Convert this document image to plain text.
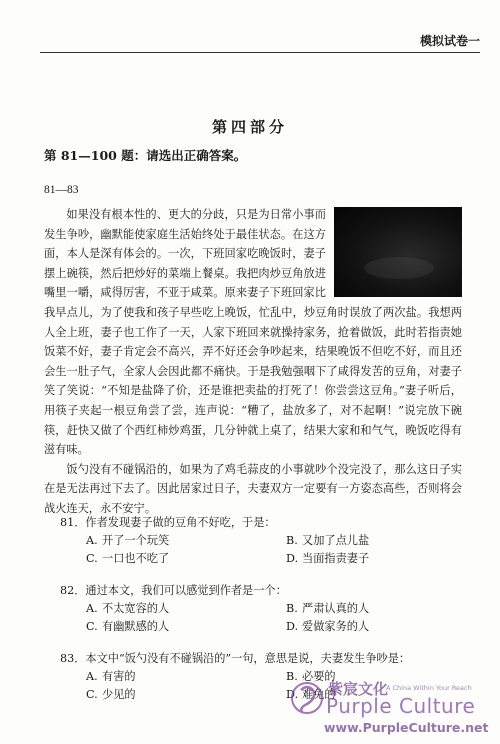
模拟试卷一
第四部分
第 81—100 题：请选出正确答案。
81—83

如果没有根本性的、更大的分歧，只是为日常小事而发生争吵，幽默能使家庭生活始终处于最佳状态。在这方面，本人是深有体会的。一次，下班回家吃晚饭时，妻子摆上碗筷，然后把炒好的菜端上餐桌。我把肉炒豆角放进嘴里一嚼，咸得厉害，不亚于咸菜。原来妻子下班回家比我早点儿，为了使我和孩子早些吃上晚饭，忙乱中，炒豆角时误放了两次盐。我想两人全上班，妻子也工作了一天，人家下班回来就操持家务，抢着做饭，此时若指责她饭菜不好，妻子肯定会不高兴，弄不好还会争吵起来，结果晚饭不但吃不好，而且还会生一肚子气，全家人会因此都不痛快。于是我勉强咽下了咸得发苦的豆角，对妻子笑了笑说：“不知是盐降了价，还是谁把卖盐的打死了！你尝尝这豆角。”妻子听后，用筷子夹起一根豆角尝了尝，连声说：“糟了，盐放多了，对不起啊！”说完放下碗筷，赶快又做了个西红柿炒鸡蛋，几分钟就上桌了，结果大家和和气气，晚饭吃得有滋有味。

饭勺没有不碰锅沿的，如果为了鸡毛蒜皮的小事就吵个没完没了，那么这日子实在是无法再过下去了。因此居家过日子，夫妻双方一定要有一方姿态高些，否则将会战火连天，永不安宁。

81．作者发现妻子做的豆角不好吃，于是：
A. 开了一个玩笑	B. 又加了点儿盐
C. 一口也不吃了	D. 当面指责妻子
82．通过本文，我们可以感觉到作者是一个：
A. 不太宽容的人	B. 严肃认真的人
C. 有幽默感的人	D. 爱做家务的人
83．本文中“饭勺没有不碰锅沿的”一句，意思是说，夫妻发生争吵是：
A. 有害的	B. 必要的
C. 少见的	D. 难免的
紫宸文化
A China Within Your Reach
Purple Culture
www.PurpleCulture.net
